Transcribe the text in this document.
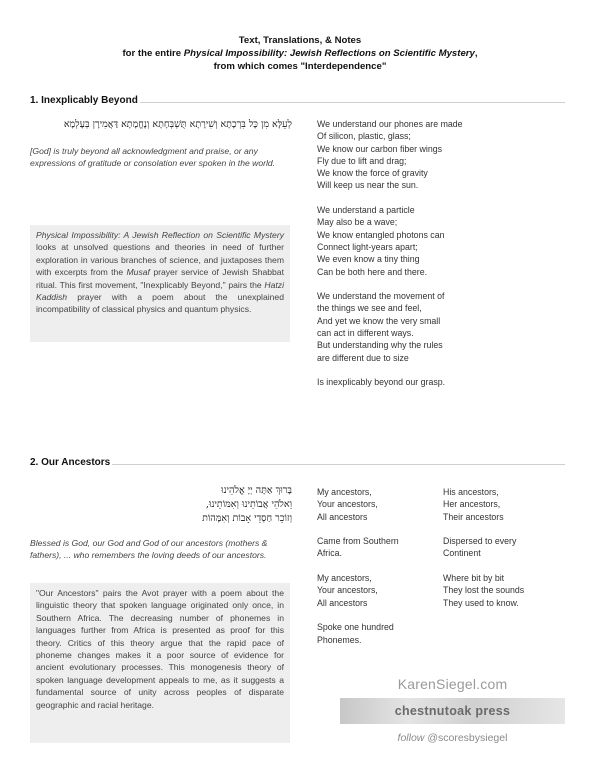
Text, Translations, & Notes
for the entire Physical Impossibility: Jewish Reflections on Scientific Mystery,
from which comes "Interdependence"
1. Inexplicably Beyond
לְעֵלָּא מִן כָּל בִּרְכָתָא וְשִׁירָתָא תֻּשְׁבְּחָתָא וְנֶחֱמָתָא דַּאֲמִירָן בְּעָלְמָא
[God] is truly beyond all acknowledgment and praise, or any expressions of gratitude or consolation ever spoken in the world.
Physical Impossibility: A Jewish Reflection on Scientific Mystery looks at unsolved questions and theories in need of further exploration in various branches of science, and juxtaposes them with excerpts from the Musaf prayer service of Jewish Shabbat ritual. This first movement, "Inexplicably Beyond," pairs the Hatzi Kaddish prayer with a poem about the unexplained incompatibility of classical physics and quantum physics.
We understand our phones are made
Of silicon, plastic, glass;
We know our carbon fiber wings
Fly due to lift and drag;
We know the force of gravity
Will keep us near the sun.
We understand a particle
May also be a wave;
We know entangled photons can
Connect light-years apart;
We even know a tiny thing
Can be both here and there.
We understand the movement of
the things we see and feel,
And yet we know the very small
can act in different ways.
But understanding why the rules
are different due to size
Is inexplicably beyond our grasp.
2. Our Ancestors
בָּרוּךְ אַתָּה יְיָ אֱלֹהֵינוּ
וֵאלֹהֵי אֲבוֹתֵינוּ וְאִמּוֹתֵינוּ,
וְזוֹכֵר חַסְדֵי אָבוֹת וְאִמָּהוֹת
Blessed is God, our God and God of our ancestors (mothers & fathers), ... who remembers the loving deeds of our ancestors.
"Our Ancestors" pairs the Avot prayer with a poem about the linguistic theory that spoken language originated only once, in Southern Africa. The decreasing number of phonemes in languages further from Africa is presented as proof for this theory. Critics of this theory argue that the rapid pace of phoneme changes makes it a poor source of evidence for ancient evolutionary processes. This monogenesis theory of spoken language development appeals to me, as it suggests a fundamental source of unity across peoples of disparate geographic and racial heritage.
My ancestors,
Your ancestors,
All ancestors
Came from Southern
Africa.
My ancestors,
Your ancestors,
All ancestors
Spoke one hundred
Phonemes.
His ancestors,
Her ancestors,
Their ancestors
Dispersed to every
Continent
Where bit by bit
They lost the sounds
They used to know.
KarenSiegel.com
chestnutoak press
follow @scoresbysiegel
